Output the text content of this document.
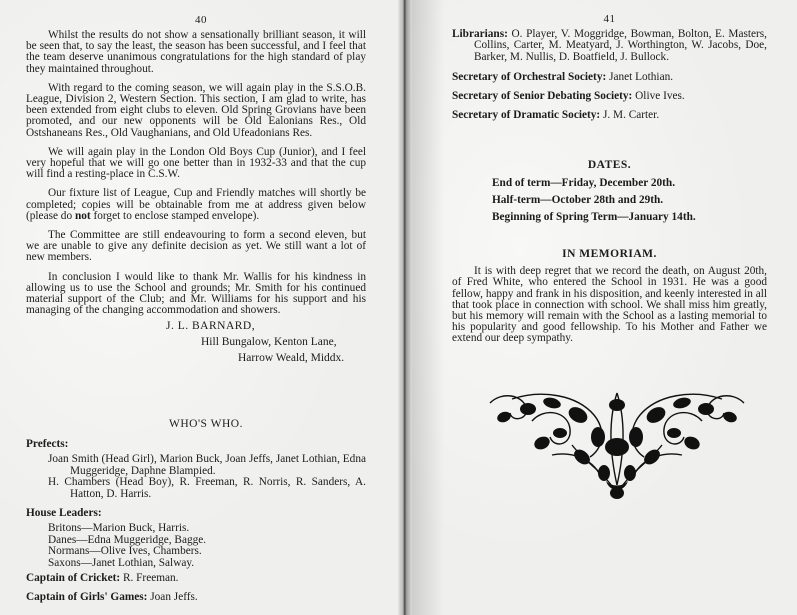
40

Whilst the results do not show a sensationally brilliant season, it will be seen that, to say the least, the season has been successful, and I feel that the team deserve unanimous congratulations for the high standard of play they maintained throughout.

With regard to the coming season, we will again play in the S.S.O.B. League, Division 2, Western Section. This section, I am glad to write, has been extended from eight clubs to eleven. Old Spring Grovians have been promoted, and our new opponents will be Old Ealonians Res., Old Ostshaneans Res., Old Vaughanians, and Old Ufeadonians Res.

We will again play in the London Old Boys Cup (Junior), and I feel very hopeful that we will go one better than in 1932-33 and that the cup will find a resting-place in C.S.W.

Our fixture list of League, Cup and Friendly matches will shortly be completed; copies will be obtainable from me at address given below (please do not forget to enclose stamped envelope).

The Committee are still endeavouring to form a second eleven, but we are unable to give any definite decision as yet. We still want a lot of new members.

In conclusion I would like to thank Mr. Wallis for his kindness in allowing us to use the School and grounds; Mr. Smith for his continued material support of the Club; and Mr. Williams for his support and his managing of the changing accommodation and showers.

J. L. BARNARD,
Hill Bungalow, Kenton Lane,
Harrow Weald, Middx.
WHO'S WHO.
Prefects:

Joan Smith (Head Girl), Marion Buck, Joan Jeffs, Janet Lothian, Edna Muggeridge, Daphne Blampied.

H. Chambers (Head Boy), R. Freeman, R. Norris, R. Sanders, A. Hatton, D. Harris.

House Leaders:
Britons—Marion Buck, Harris.
Danes—Edna Muggeridge, Bagge.
Normans—Olive Ives, Chambers.
Saxons—Janet Lothian, Salway.
Captain of Cricket: R. Freeman.
Captain of Girls' Games: Joan Jeffs.
41

Librarians: O. Player, V. Moggridge, Bowman, Bolton, E. Masters, Collins, Carter, M. Meatyard, J. Worthington, W. Jacobs, Doe, Barker, M. Nullis, D. Boatfield, J. Bullock.

Secretary of Orchestral Society: Janet Lothian.
Secretary of Senior Debating Society: Olive Ives.
Secretary of Dramatic Society: J. M. Carter.
DATES.
End of term—Friday, December 20th.
Half-term—October 28th and 29th.
Beginning of Spring Term—January 14th.
IN MEMORIAM.

It is with deep regret that we record the death, on August 20th, of Fred White, who entered the School in 1931. He was a good fellow, happy and frank in his disposition, and keenly interested in all that took place in connection with school. We shall miss him greatly, but his memory will remain with the School as a lasting memorial to his popularity and good fellowship. To his Mother and Father we extend our deep sympathy.
